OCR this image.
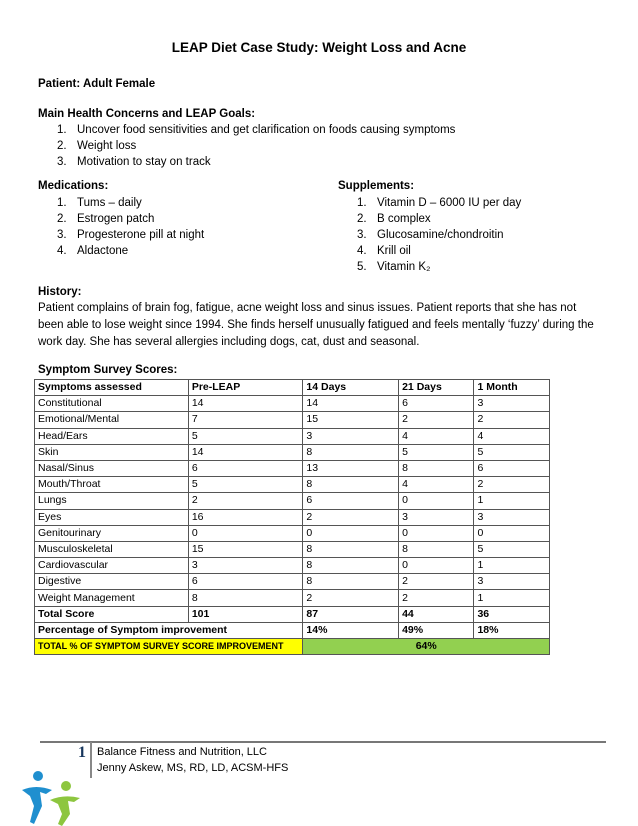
LEAP Diet Case Study: Weight Loss and Acne
Patient: Adult Female
Main Health Concerns and LEAP Goals:
1. Uncover food sensitivities and get clarification on foods causing symptoms
2. Weight loss
3. Motivation to stay on track
Medications:
1. Tums – daily
2. Estrogen patch
3. Progesterone pill at night
4. Aldactone
Supplements:
1. Vitamin D – 6000 IU per day
2. B complex
3. Glucosamine/chondroitin
4. Krill oil
5. Vitamin K₂
History:
Patient complains of brain fog, fatigue, acne weight loss and sinus issues. Patient reports that she has not been able to lose weight since 1994. She finds herself unusually fatigued and feels mentally ‘fuzzy’ during the work day. She has several allergies including dogs, cat, dust and seasonal.
Symptom Survey Scores:
Symptoms assessed	Pre-LEAP	14 Days	21 Days	1 Month
Constitutional	14	14	6	3
Emotional/Mental	7	15	2	2
Head/Ears	5	3	4	4
Skin	14	8	5	5
Nasal/Sinus	6	13	8	6
Mouth/Throat	5	8	4	2
Lungs	2	6	0	1
Eyes	16	2	3	3
Genitourinary	0	0	0	0
Musculoskeletal	15	8	8	5
Cardiovascular	3	8	0	1
Digestive	6	8	2	3
Weight Management	8	2	2	1
Total Score	101	87	44	36
Percentage of Symptom improvement		14%	49%	18%
TOTAL % OF SYMPTOM SURVEY SCORE IMPROVEMENT		64%		
1 Balance Fitness and Nutrition, LLC
Jenny Askew, MS, RD, LD, ACSM-HFS
